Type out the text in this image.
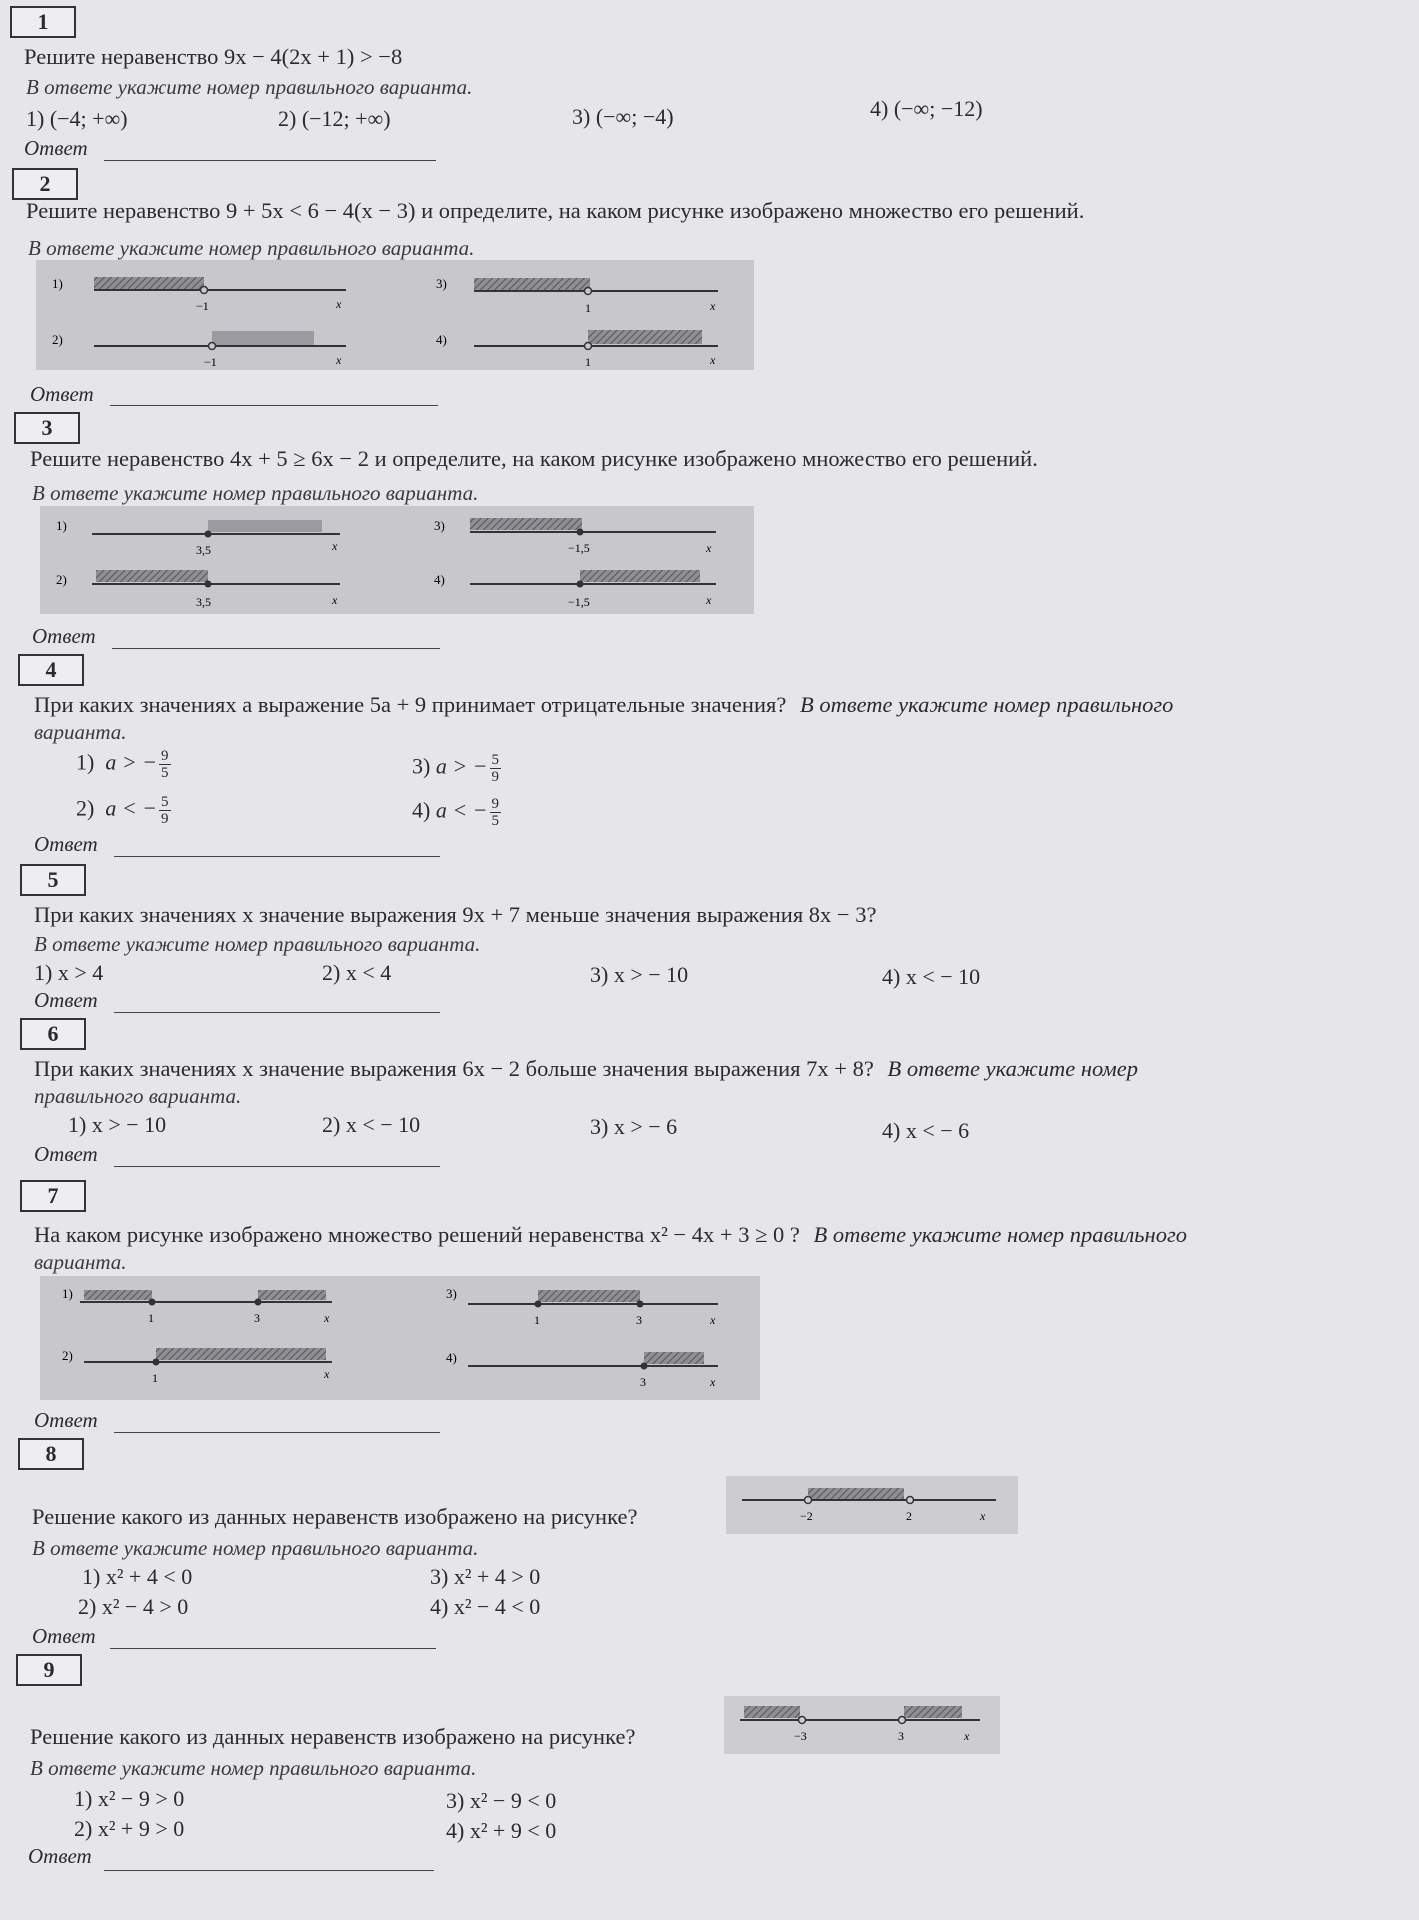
1
Решите неравенство 9x − 4(2x + 1) > −8
В ответе укажите номер правильного варианта.
1) (−4; +∞)	2) (−12; +∞)	3) (−∞; −4)	4) (−∞; −12)
Ответ
2
Решите неравенство 9 + 5x < 6 − 4(x − 3) и определите, на каком рисунке изображено множество его решений.
В ответе укажите номер правильного варианта.
1)
−1	x
2)
−1	x
3)
1	x
4)
1	x
Ответ
3
Решите неравенство 4x + 5 ≥ 6x − 2 и определите, на каком рисунке изображено множество его решений.
В ответе укажите номер правильного варианта.
1)
3,5	x
2)
3,5	x
3)
−1,5	x
4)
−1,5	x
Ответ
4
При каких значениях a выражение 5a + 9 принимает отрицательные значения? В ответе укажите номер правильного
варианта.
1) a > − $\frac{9}{5}$
2) a < − $\frac{5}{9}$
3) a > − $\frac{5}{9}$
4) a < − $\frac{9}{5}$
Ответ
5
При каких значениях x значение выражения 9x + 7 меньше значения выражения 8x − 3?
В ответе укажите номер правильного варианта.
1) x > 4	2) x < 4	3) x > − 10	4) x < − 10
Ответ
6
При каких значениях x значение выражения 6x − 2 больше значения выражения 7x + 8? В ответе укажите номер
правильного варианта.
1) x > − 10	2) x < − 10	3) x > − 6	4) x < − 6
Ответ
7
На каком рисунке изображено множество решений неравенства x² − 4x + 3 ≥ 0 ? В ответе укажите номер правильного
варианта.
1)
1	3	x
2)
1	x
3)
1	3	x
4)
3	x
Ответ
8
−2	2	x
Решение какого из данных неравенств изображено на рисунке?
В ответе укажите номер правильного варианта.
1) x² + 4 < 0
2) x² − 4 > 0
3) x² + 4 > 0
4) x² − 4 < 0
Ответ
9
−3	3	x
Решение какого из данных неравенств изображено на рисунке?
В ответе укажите номер правильного варианта.
1) x² − 9 > 0
2) x² + 9 > 0
3) x² − 9 < 0
4) x² + 9 < 0
Ответ
